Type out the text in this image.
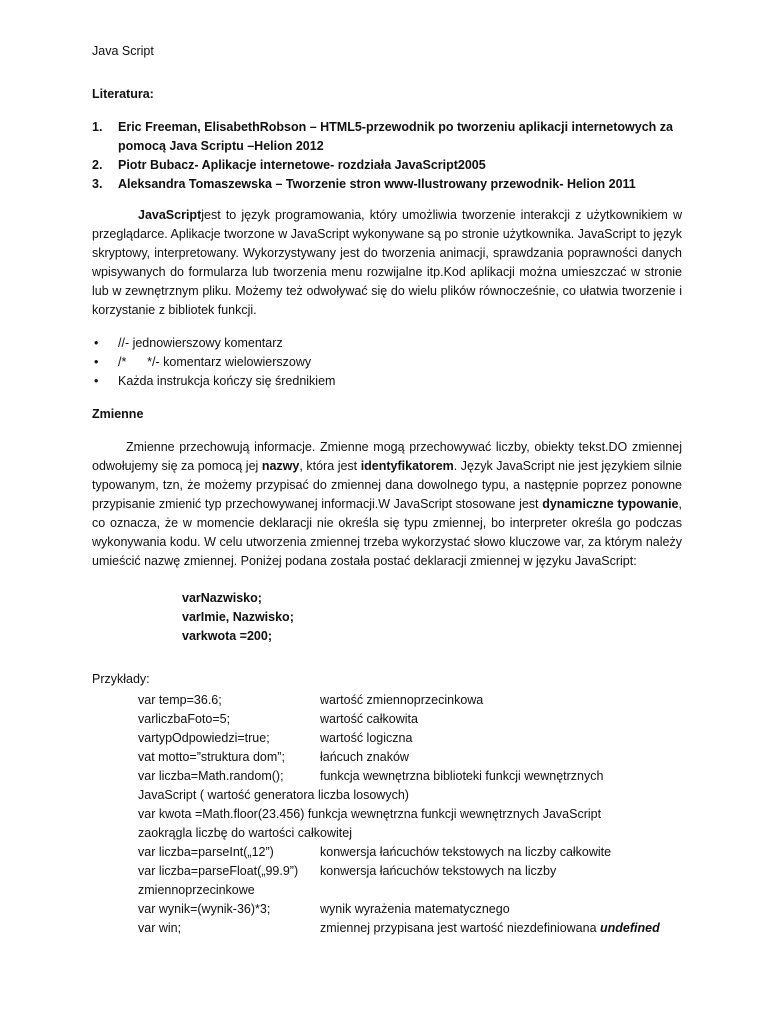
Java Script
Literatura:
1. Eric Freeman, ElisabethRobson – HTML5-przewodnik po tworzeniu aplikacji internetowych za pomocą Java Scriptu –Helion 2012
2. Piotr Bubacz- Aplikacje internetowe- rozdziała JavaScript2005
3. Aleksandra Tomaszewska – Tworzenie stron www-Ilustrowany przewodnik- Helion 2011

JavaScriptjest to język programowania, który umożliwia tworzenie interakcji z użytkownikiem w przeglądarce. Aplikacje tworzone w JavaScript wykonywane są po stronie użytkownika. JavaScript to język skryptowy, interpretowany. Wykorzystywany jest do tworzenia animacji, sprawdzania poprawności danych wpisywanych do formularza lub tworzenia menu rozwijalne itp.Kod aplikacji można umieszczać w stronie lub w zewnętrznym pliku. Możemy też odwoływać się do wielu plików równocześnie, co ułatwia tworzenie i korzystanie z bibliotek funkcji.

• //- jednowierszowy komentarz
• /*      */- komentarz wielowierszowy
• Każda instrukcja kończy się średnikiem
Zmienne

Zmienne przechowują informacje. Zmienne mogą przechowywać liczby, obiekty tekst.DO zmiennej odwołujemy się za pomocą jej nazwy, która jest identyfikatorem. Język JavaScript nie jest językiem silnie typowanym, tzn, że możemy przypisać do zmiennej dana dowolnego typu, a następnie poprzez ponowne przypisanie zmienić typ przechowywanej informacji.W JavaScript stosowane jest dynamiczne typowanie, co oznacza, że w momencie deklaracji nie określa się typu zmiennej, bo interpreter określa go podczas wykonywania kodu. W celu utworzenia zmiennej trzeba wykorzystać słowo kluczowe var, za którym należy umieścić nazwę zmiennej. Poniżej podana została postać deklaracji zmiennej w języku JavaScript:

varNazwisko;
varImie, Nazwisko;
varkwota =200;
Przykłady:
var temp=36.6;	wartość zmiennoprzecinkowa
varliczbaFoto=5;	wartość całkowita
vartypOdpowiedzi=true;	wartość logiczna
vat motto=”struktura dom”;	łańcuch znaków
var liczba=Math.random();	funkcja wewnętrzna biblioteki funkcji wewnętrznych
JavaScript ( wartość generatora liczba losowych)
var kwota =Math.floor(23.456) funkcja wewnętrzna funkcji wewnętrznych JavaScript
zaokrągla liczbę do wartości całkowitej
var liczba=parseInt(„12”)	konwersja łańcuchów tekstowych na liczby całkowite
var liczba=parseFloat(„99.9”)	konwersja łańcuchów tekstowych na liczby
zmiennoprzecinkowe
var wynik=(wynik-36)*3;	wynik wyrażenia matematycznego
var win;	zmiennej przypisana jest wartość niezdefiniowana undefined
